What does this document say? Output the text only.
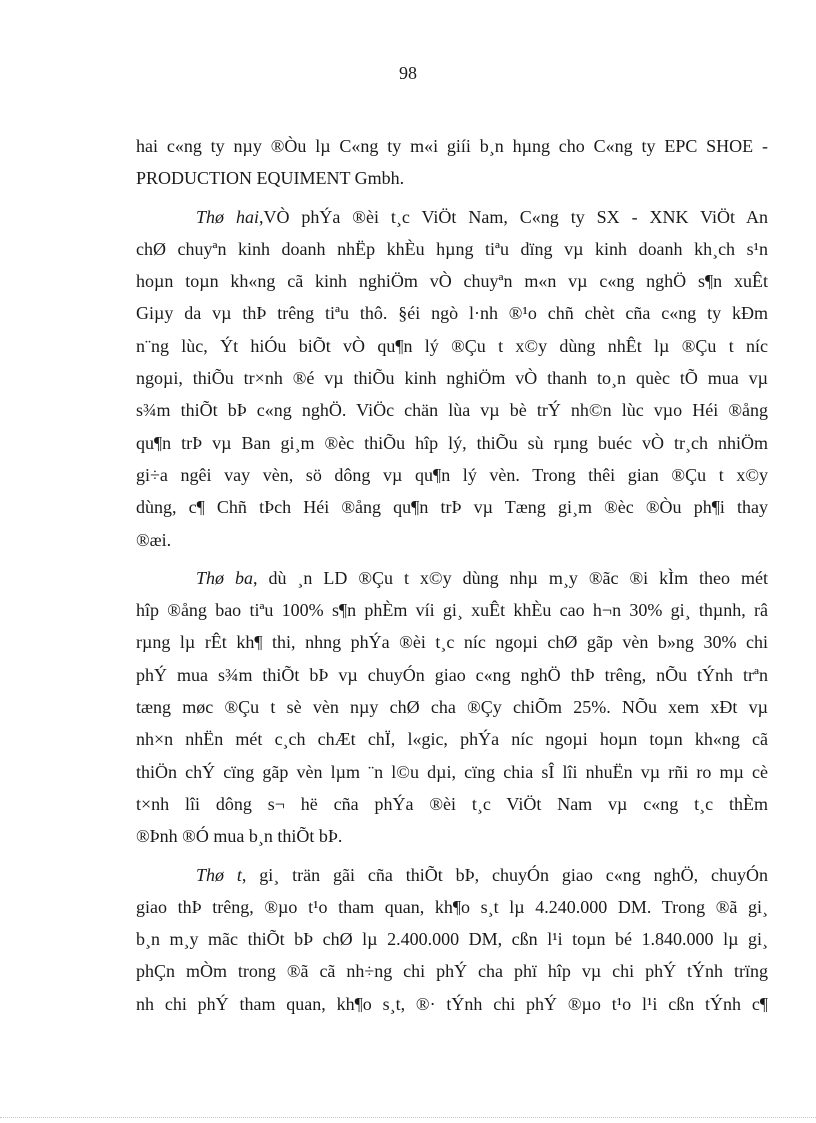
98
hai c«ng ty nµy ®Òu lµ C«ng ty m«i giíi b¸n hµng cho C«ng ty EPC SHOE -
PRODUCTION EQUIMENT Gmbh.
Thø hai,VÒ phÝa ®èi t¸c ViÖt Nam, C«ng ty SX - XNK ViÖt An
chØ chuyªn kinh doanh nhËp khÈu hµng tiªu dïng vµ kinh doanh kh¸ch s¹n
hoµn toµn kh«ng cã kinh nghiÖm vÒ chuyªn m«n vµ c«ng nghÖ s¶n xuÊt
Giµy da vµ thÞ trêng tiªu thô. §éi ngò l·nh ®¹o chñ chèt cña c«ng ty kÐm
n¨ng lùc, Ýt hiÓu biÕt vÒ qu¶n lý ®Çu t x©y dùng nhÊt lµ ®Çu t níc
ngoµi, thiÕu tr×nh ®é vµ thiÕu kinh nghiÖm vÒ thanh to¸n quèc tÕ mua vµ
s¾m thiÕt bÞ c«ng nghÖ. ViÖc chän lùa vµ bè trÝ nh©n lùc vµo Héi ®ång
qu¶n trÞ vµ Ban gi¸m ®èc thiÕu hîp lý, thiÕu sù rµng buéc vÒ tr¸ch nhiÖm
gi÷a ngêi vay vèn, sö dông vµ qu¶n lý vèn. Trong thêi gian ®Çu t x©y
dùng, c¶ Chñ tÞch Héi ®ång qu¶n trÞ vµ Tæng gi¸m ®èc ®Òu ph¶i thay
®æi.
Thø ba, dù ¸n LD ®Çu t x©y dùng nhµ m¸y ®ãc ®i kÌm theo mét
hîp ®ång bao tiªu 100% s¶n phÈm víi gi¸ xuÊt khÈu cao h¬n 30% gi¸ thµnh, râ
rµng lµ rÊt kh¶ thi, nhng phÝa ®èi t¸c níc ngoµi chØ gãp vèn b»ng 30% chi
phÝ mua s¾m thiÕt bÞ vµ chuyÓn giao c«ng nghÖ thÞ trêng, nÕu tÝnh trªn
tæng møc ®Çu t sè vèn nµy chØ cha ®Çy chiÕm 25%. NÕu xem xÐt vµ
nh×n nhËn mét c¸ch chÆt chÏ, l«gic, phÝa níc ngoµi hoµn toµn kh«ng cã
thiÖn chÝ cïng gãp vèn lµm ¨n l©u dµi, cïng chia sÎ lîi nhuËn vµ rñi ro mµ cè
t×nh lîi dông s¬ hë cña phÝa ®èi t¸c ViÖt Nam vµ c«ng t¸c thÈm
®Þnh ®Ó mua b¸n thiÕt bÞ.
Thø t, gi¸ trän gãi cña thiÕt bÞ, chuyÓn giao c«ng nghÖ, chuyÓn
giao thÞ trêng, ®µo t¹o tham quan, kh¶o s¸t lµ 4.240.000 DM. Trong ®ã gi¸
b¸n m¸y mãc thiÕt bÞ chØ lµ 2.400.000 DM, cßn l¹i toµn bé 1.840.000 lµ gi¸
phÇn mÒm trong ®ã cã nh÷ng chi phÝ cha phï hîp vµ chi phÝ tÝnh trïng
nh chi phÝ tham quan, kh¶o s¸t, ®· tÝnh chi phÝ ®µo t¹o l¹i cßn tÝnh c¶
